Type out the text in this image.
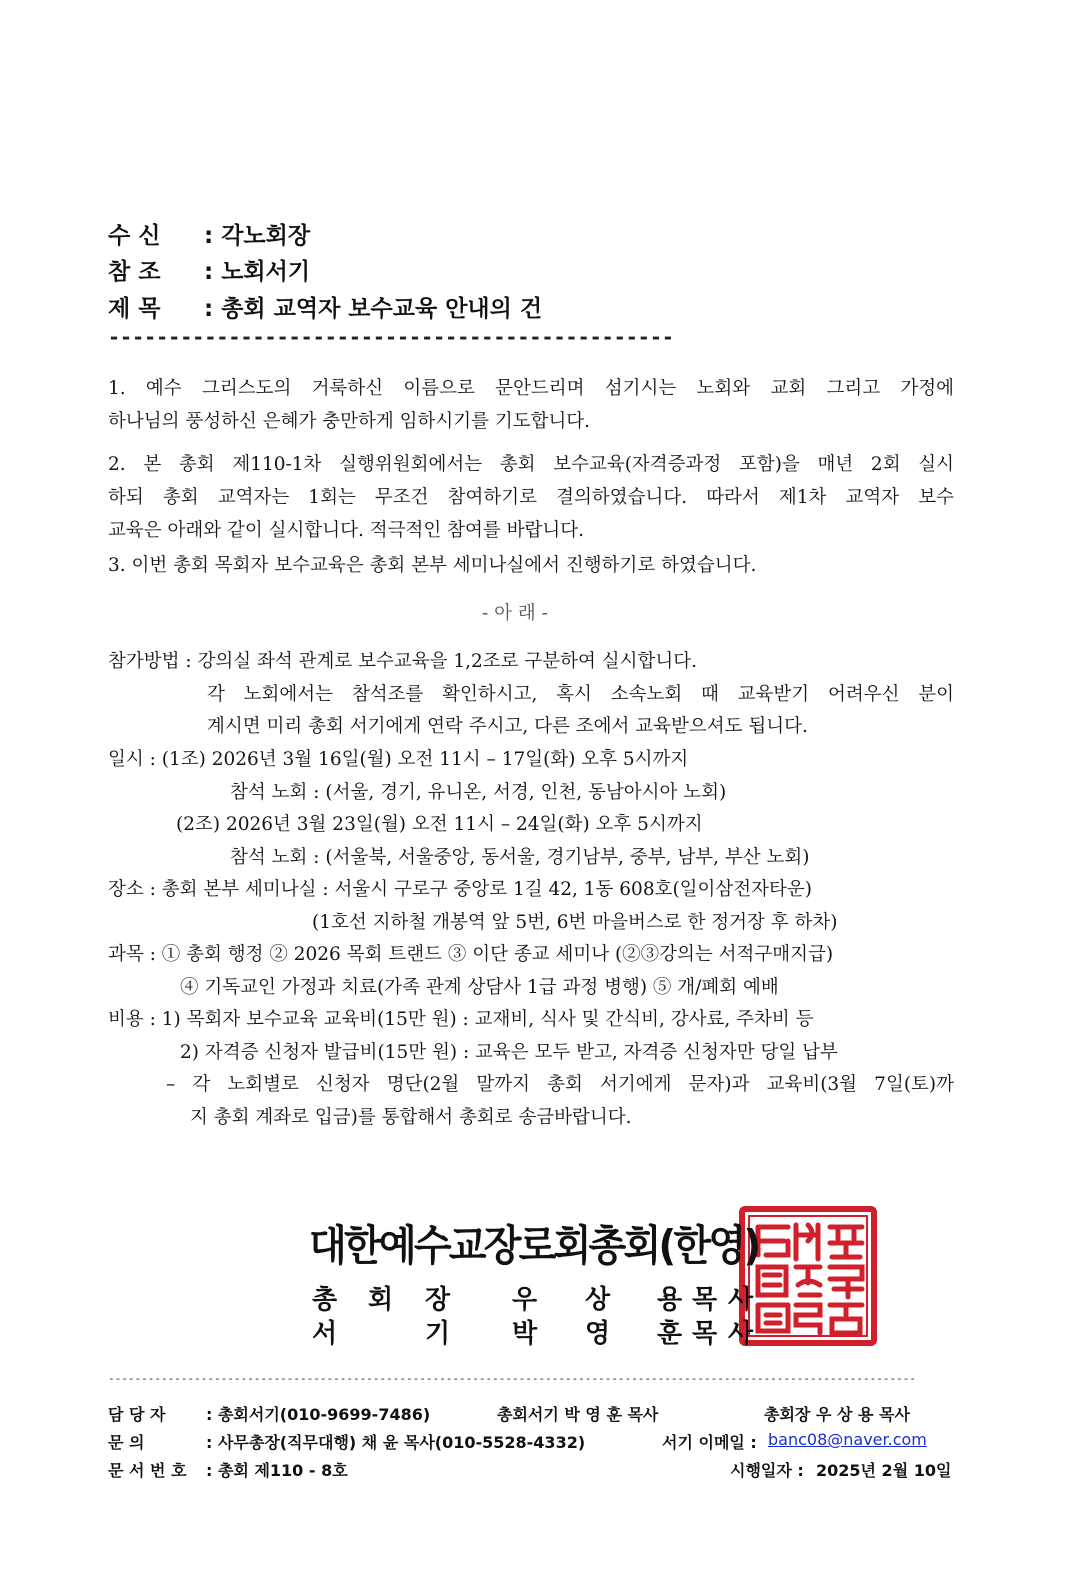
수 신 : 각노회장
참 조 : 노회서기
제 목 : 총회 교역자 보수교육 안내의 건
-----------------------------------------------
1. 예수 그리스도의 거룩하신 이름으로 문안드리며 섬기시는 노회와 교회 그리고 가정에
하나님의 풍성하신 은혜가 충만하게 임하시기를 기도합니다.
2. 본 총회 제110-1차 실행위원회에서는 총회 보수교육(자격증과정 포함)을 매년 2회 실시
하되 총회 교역자는 1회는 무조건 참여하기로 결의하였습니다. 따라서 제1차 교역자 보수
교육은 아래와 같이 실시합니다. 적극적인 참여를 바랍니다.
3. 이번 총회 목회자 보수교육은 총회 본부 세미나실에서 진행하기로 하였습니다.
- 아 래 -
참가방법 : 강의실 좌석 관계로 보수교육을 1,2조로 구분하여 실시합니다.
각 노회에서는 참석조를 확인하시고, 혹시 소속노회 때 교육받기 어려우신 분이
계시면 미리 총회 서기에게 연락 주시고, 다른 조에서 교육받으셔도 됩니다.
일시 : (1조) 2026년 3월 16일(월) 오전 11시 – 17일(화) 오후 5시까지
참석 노회 : (서울, 경기, 유니온, 서경, 인천, 동남아시아 노회)
(2조) 2026년 3월 23일(월) 오전 11시 – 24일(화) 오후 5시까지
참석 노회 : (서울북, 서울중앙, 동서울, 경기남부, 중부, 남부, 부산 노회)
장소 : 총회 본부 세미나실 : 서울시 구로구 중앙로 1길 42, 1동 608호(일이삼전자타운)
(1호선 지하철 개봉역 앞 5번, 6번 마을버스로 한 정거장 후 하차)
과목 : ① 총회 행정 ② 2026 목회 트랜드 ③ 이단 종교 세미나 (②③강의는 서적구매지급)
④ 기독교인 가정과 치료(가족 관계 상담사 1급 과정 병행) ⑤ 개/폐회 예배
비용 : 1) 목회자 보수교육 교육비(15만 원) : 교재비, 식사 및 간식비, 강사료, 주차비 등
2) 자격증 신청자 발급비(15만 원) : 교육은 모두 받고, 자격증 신청자만 당일 납부
– 각 노회별로 신청자 명단(2월 말까지 총회 서기에게 문자)과 교육비(3월 7일(토)까
지 총회 계좌로 입금)를 통합해서 총회로 송금바랍니다.
총회장직인
대한예수교장로회총회(한영)
총 회 장 우 상 용 목 사
서	기 박 영 훈 목 사
--------------------------------------------------------------------------------------------------------------------------
담 당 자	: 총회서기(010-9699-7486)	총회서기 박 영 훈 목사	총회장 우 상 용 목사
문 의	: 사무총장(직무대행) 채 윤 목사(010-5528-4332)	서기 이메일 : banc08@naver.com
문 서 번 호 : 총회 제110 - 8호	시행일자 : 2025년 2월 10일
